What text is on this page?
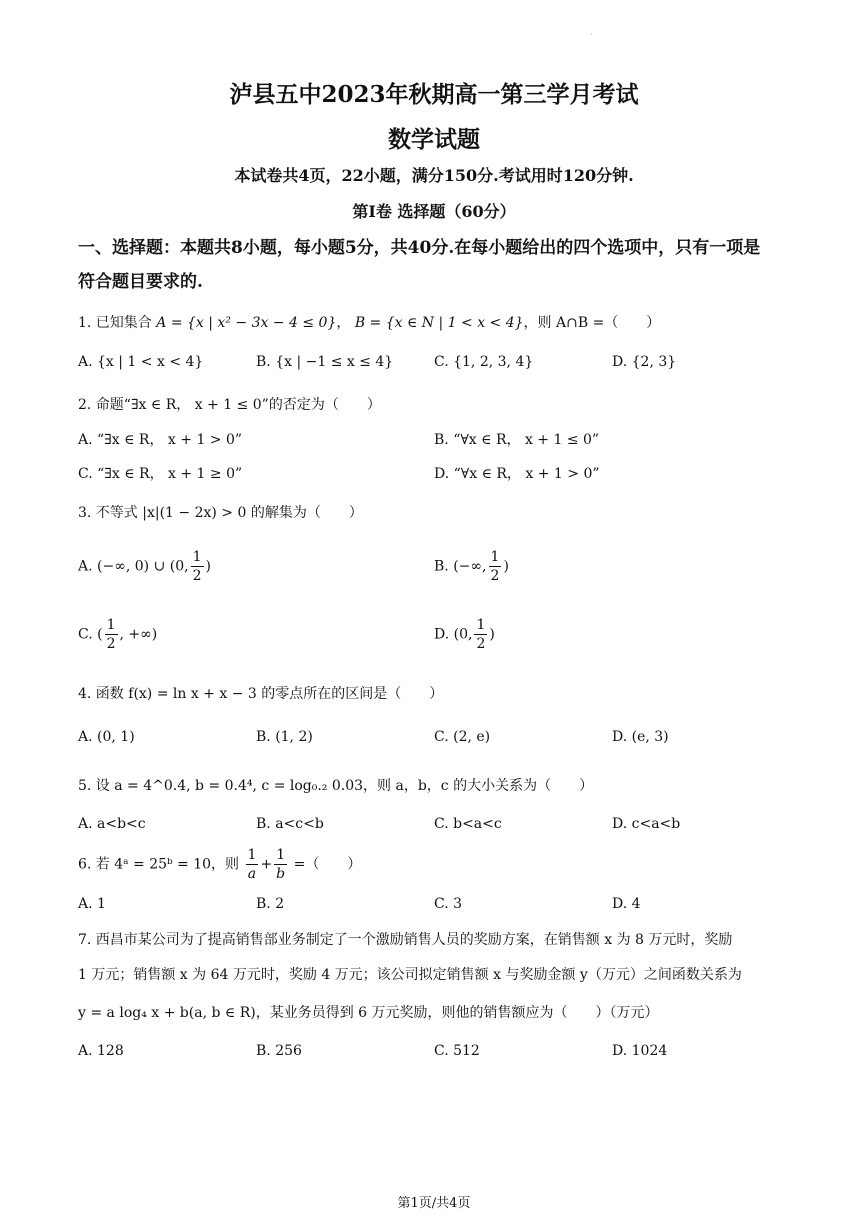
·
泸县五中2023年秋期高一第三学月考试
数学试题
本试卷共4页，22小题，满分150分.考试用时120分钟.
第I卷 选择题（60分）
一、选择题：本题共8小题，每小题5分，共40分.在每小题给出的四个选项中，只有一项是
符合题目要求的.
1. 已知集合 A = {x | x² − 3x − 4 ≤ 0}， B = {x ∈ N | 1 < x < 4}，则 A∩B =（　　）
A. {x | 1 < x < 4}	B. {x | −1 ≤ x ≤ 4}	C. {1, 2, 3, 4}	D. {2, 3}
2. 命题“∃x ∈ R， x + 1 ≤ 0”的否定为（　　）
A. “∃x ∈ R， x + 1 > 0”	B. “∀x ∈ R， x + 1 ≤ 0”
C. “∃x ∈ R， x + 1 ≥ 0”	D. “∀x ∈ R， x + 1 > 0”
3. 不等式 |x|(1 − 2x) > 0 的解集为（　　）
A. (−∞, 0) ∪ (0, $\frac{1}{2}$ )	B. (−∞, $\frac{1}{2}$ )
C. ( $\frac{1}{2}$ , +∞)	D. (0, $\frac{1}{2}$ )
4. 函数 f(x) = ln x + x − 3 的零点所在的区间是（　　）
A. (0, 1)	B. (1, 2)	C. (2, e)	D. (e, 3)
5. 设 a = 4^0.4, b = 0.4⁴, c = log₀.₂ 0.03，则 a，b，c 的大小关系为（　　）
A. a<b<c	B. a<c<b	C. b<a<c	D. c<a<b
6. 若 4ᵃ = 25ᵇ = 10，则 $\frac{1}{a} + \frac{1}{b}$ =（　　）
A. 1	B. 2	C. 3	D. 4
7. 西昌市某公司为了提高销售部业务制定了一个激励销售人员的奖励方案，在销售额 x 为 8 万元时，奖励
1 万元；销售额 x 为 64 万元时，奖励 4 万元；该公司拟定销售额 x 与奖励金额 y（万元）之间函数关系为
y = a log₄ x + b(a, b ∈ R)，某业务员得到 6 万元奖励，则他的销售额应为（　　）（万元）
A. 128	B. 256	C. 512	D. 1024
第1页/共4页
